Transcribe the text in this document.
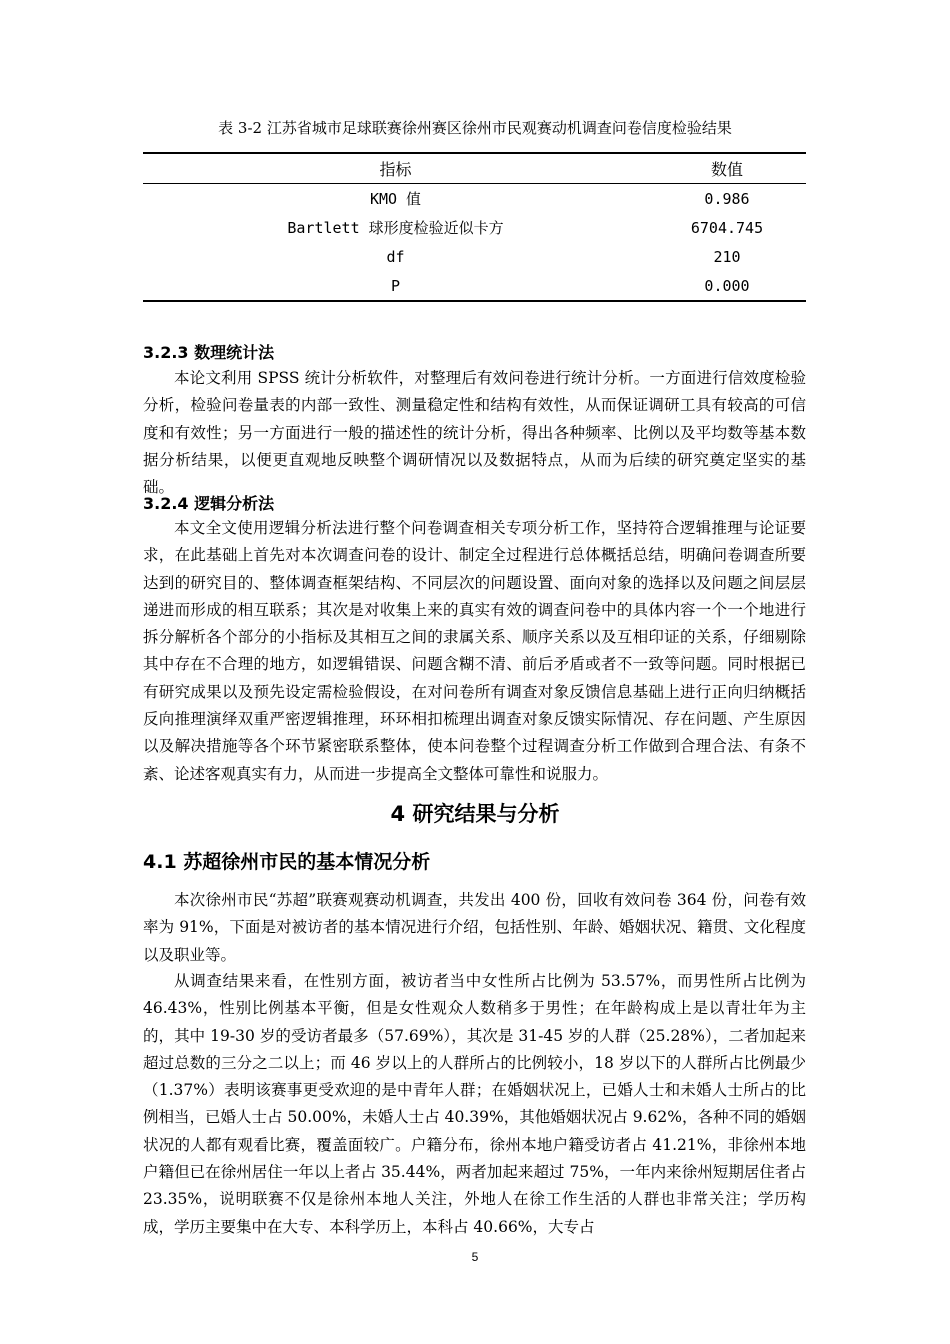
表 3-2 江苏省城市足球联赛徐州赛区徐州市民观赛动机调查问卷信度检验结果
指标	数值
KMO 值	0.986
Bartlett 球形度检验近似卡方	6704.745
df	210
P	0.000
3.2.3 数理统计法

本论文利用 SPSS 统计分析软件，对整理后有效问卷进行统计分析。一方面进行信效度检验分析，检验问卷量表的内部一致性、测量稳定性和结构有效性，从而保证调研工具有较高的可信度和有效性；另一方面进行一般的描述性的统计分析，得出各种频率、比例以及平均数等基本数据分析结果，以便更直观地反映整个调研情况以及数据特点，从而为后续的研究奠定坚实的基础。

3.2.4 逻辑分析法

本文全文使用逻辑分析法进行整个问卷调查相关专项分析工作，坚持符合逻辑推理与论证要求，在此基础上首先对本次调查问卷的设计、制定全过程进行总体概括总结，明确问卷调查所要达到的研究目的、整体调查框架结构、不同层次的问题设置、面向对象的选择以及问题之间层层递进而形成的相互联系；其次是对收集上来的真实有效的调查问卷中的具体内容一个一个地进行拆分解析各个部分的小指标及其相互之间的隶属关系、顺序关系以及互相印证的关系，仔细剔除其中存在不合理的地方，如逻辑错误、问题含糊不清、前后矛盾或者不一致等问题。同时根据已有研究成果以及预先设定需检验假设，在对问卷所有调查对象反馈信息基础上进行正向归纳概括反向推理演绎双重严密逻辑推理，环环相扣梳理出调查对象反馈实际情况、存在问题、产生原因以及解决措施等各个环节紧密联系整体，使本问卷整个过程调查分析工作做到合理合法、有条不紊、论述客观真实有力，从而进一步提高全文整体可靠性和说服力。

4 研究结果与分析
4.1 苏超徐州市民的基本情况分析

本次徐州市民“苏超”联赛观赛动机调查，共发出 400 份，回收有效问卷 364 份，问卷有效率为 91%，下面是对被访者的基本情况进行介绍，包括性别、年龄、婚姻状况、籍贯、文化程度以及职业等。

从调查结果来看，在性别方面，被访者当中女性所占比例为 53.57%，而男性所占比例为 46.43%，性别比例基本平衡，但是女性观众人数稍多于男性；在年龄构成上是以青壮年为主的，其中 19-30 岁的受访者最多（57.69%），其次是 31-45 岁的人群（25.28%），二者加起来超过总数的三分之二以上；而 46 岁以上的人群所占的比例较小，18 岁以下的人群所占比例最少（1.37%）表明该赛事更受欢迎的是中青年人群；在婚姻状况上，已婚人士和未婚人士所占的比例相当，已婚人士占 50.00%，未婚人士占 40.39%，其他婚姻状况占 9.62%，各种不同的婚姻状况的人都有观看比赛，覆盖面较广。户籍分布，徐州本地户籍受访者占 41.21%，非徐州本地户籍但已在徐州居住一年以上者占 35.44%，两者加起来超过 75%，一年内来徐州短期居住者占 23.35%，说明联赛不仅是徐州本地人关注，外地人在徐工作生活的人群也非常关注；学历构成，学历主要集中在大专、本科学历上，本科占 40.66%，大专占

5
